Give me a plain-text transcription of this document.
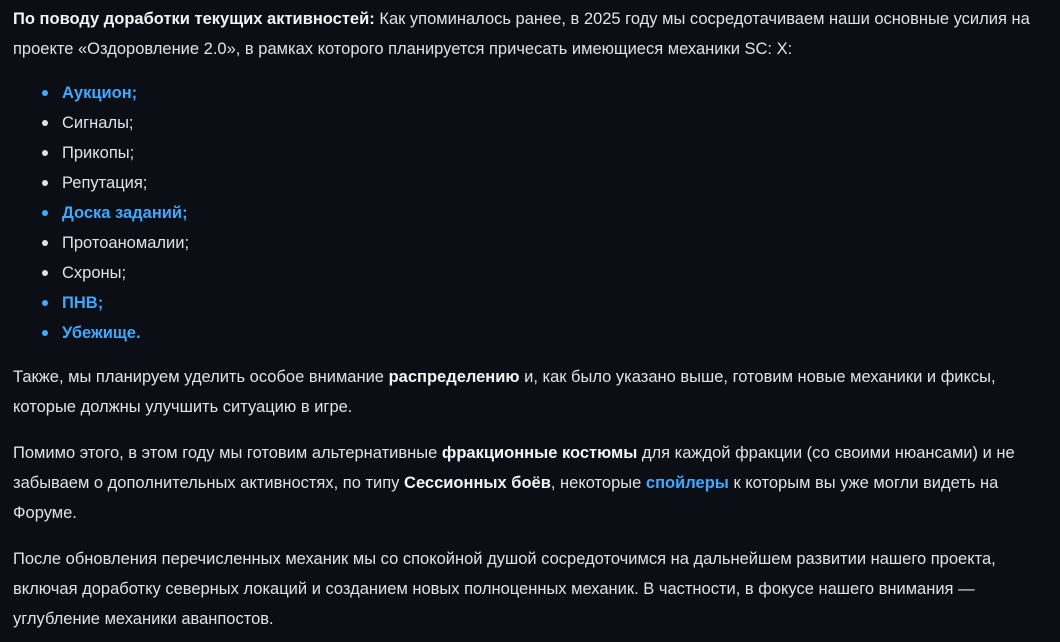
По поводу доработки текущих активностей: Как упоминалось ранее, в 2025 году мы сосредотачиваем наши основные усилия на проекте «Оздоровление 2.0», в рамках которого планируется причесать имеющиеся механики SC: X:

Аукцион;
Сигналы;
Прикопы;
Репутация;
Доска заданий;
Протоаномалии;
Схроны;
ПНВ;
Убежище.

Также, мы планируем уделить особое внимание распределению и, как было указано выше, готовим новые механики и фиксы, которые должны улучшить ситуацию в игре.

Помимо этого, в этом году мы готовим альтернативные фракционные костюмы для каждой фракции (со своими нюансами) и не забываем о дополнительных активностях, по типу Сессионных боёв, некоторые спойлеры к которым вы уже могли видеть на Форуме.

После обновления перечисленных механик мы со спокойной душой сосредоточимся на дальнейшем развитии нашего проекта, включая доработку северных локаций и созданием новых полноценных механик. В частности, в фокусе нашего внимания — углубление механики аванпостов.
